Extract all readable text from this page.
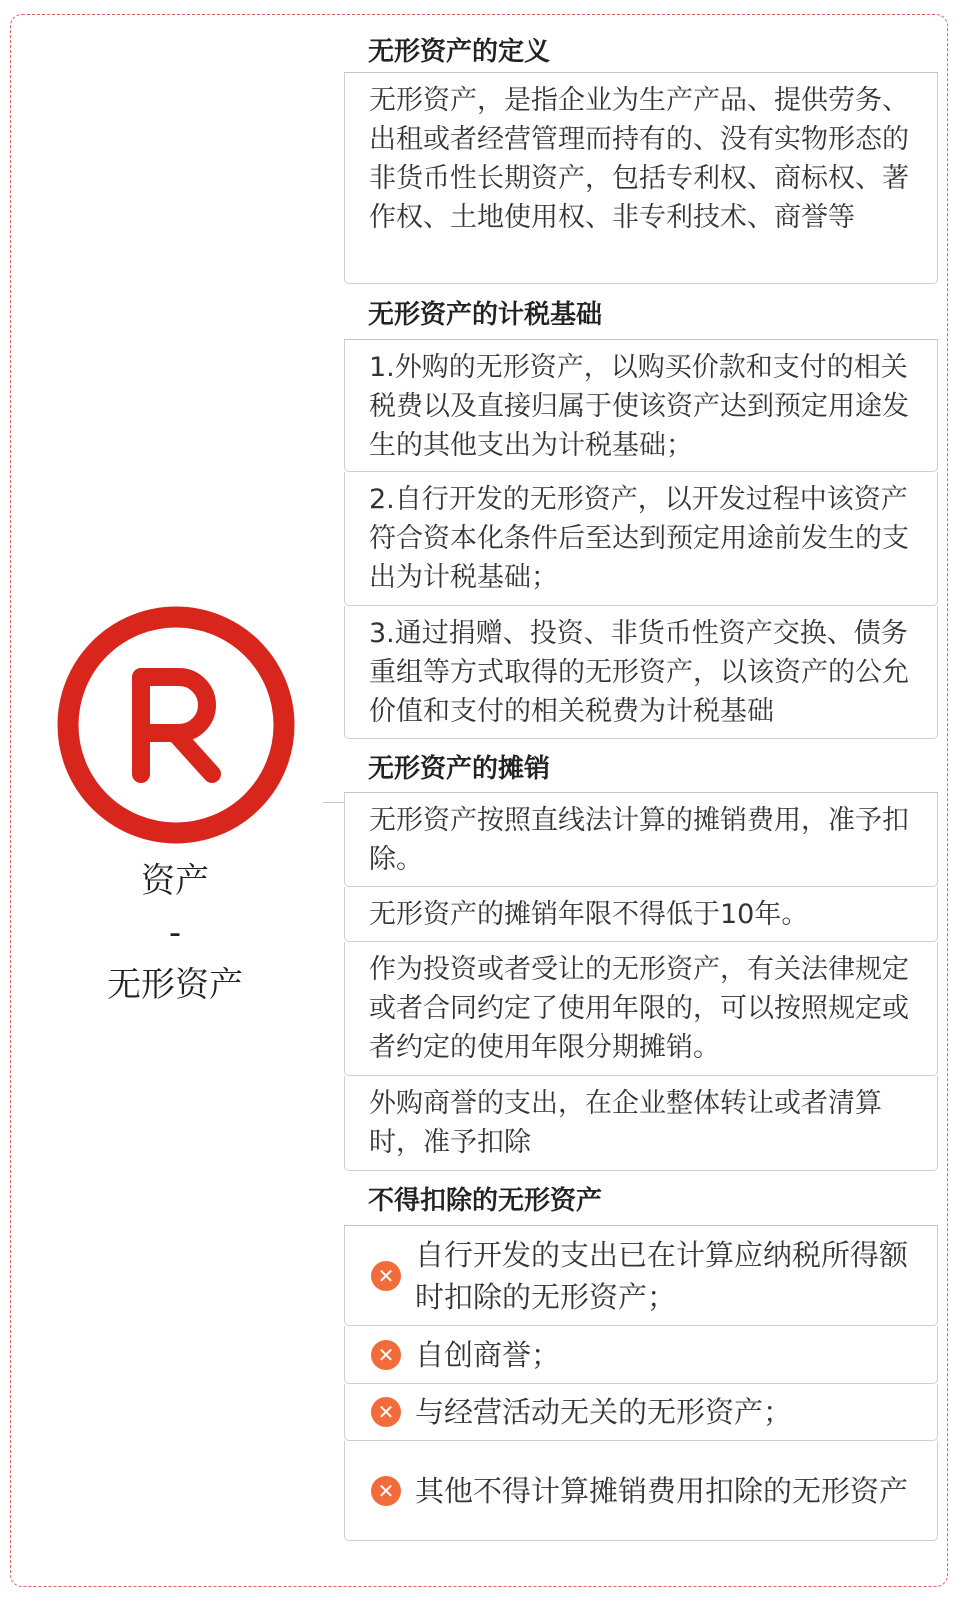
资产
-
无形资产
无形资产的定义
无形资产，是指企业为生产产品、提供劳务、出租或者经营管理而持有的、没有实物形态的非货币性长期资产，包括专利权、商标权、著作权、土地使用权、非专利技术、商誉等
无形资产的计税基础
1.外购的无形资产，以购买价款和支付的相关税费以及直接归属于使该资产达到预定用途发生的其他支出为计税基础；
2.自行开发的无形资产，以开发过程中该资产符合资本化条件后至达到预定用途前发生的支出为计税基础；
3.通过捐赠、投资、非货币性资产交换、债务重组等方式取得的无形资产，以该资产的公允价值和支付的相关税费为计税基础
无形资产的摊销
无形资产按照直线法计算的摊销费用，准予扣除。
无形资产的摊销年限不得低于10年。
作为投资或者受让的无形资产，有关法律规定或者合同约定了使用年限的，可以按照规定或者约定的使用年限分期摊销。
外购商誉的支出，在企业整体转让或者清算时，准予扣除
不得扣除的无形资产
✕
自行开发的支出已在计算应纳税所得额时扣除的无形资产；
✕ 自创商誉；
✕ 与经营活动无关的无形资产；
✕ 其他不得计算摊销费用扣除的无形资产
